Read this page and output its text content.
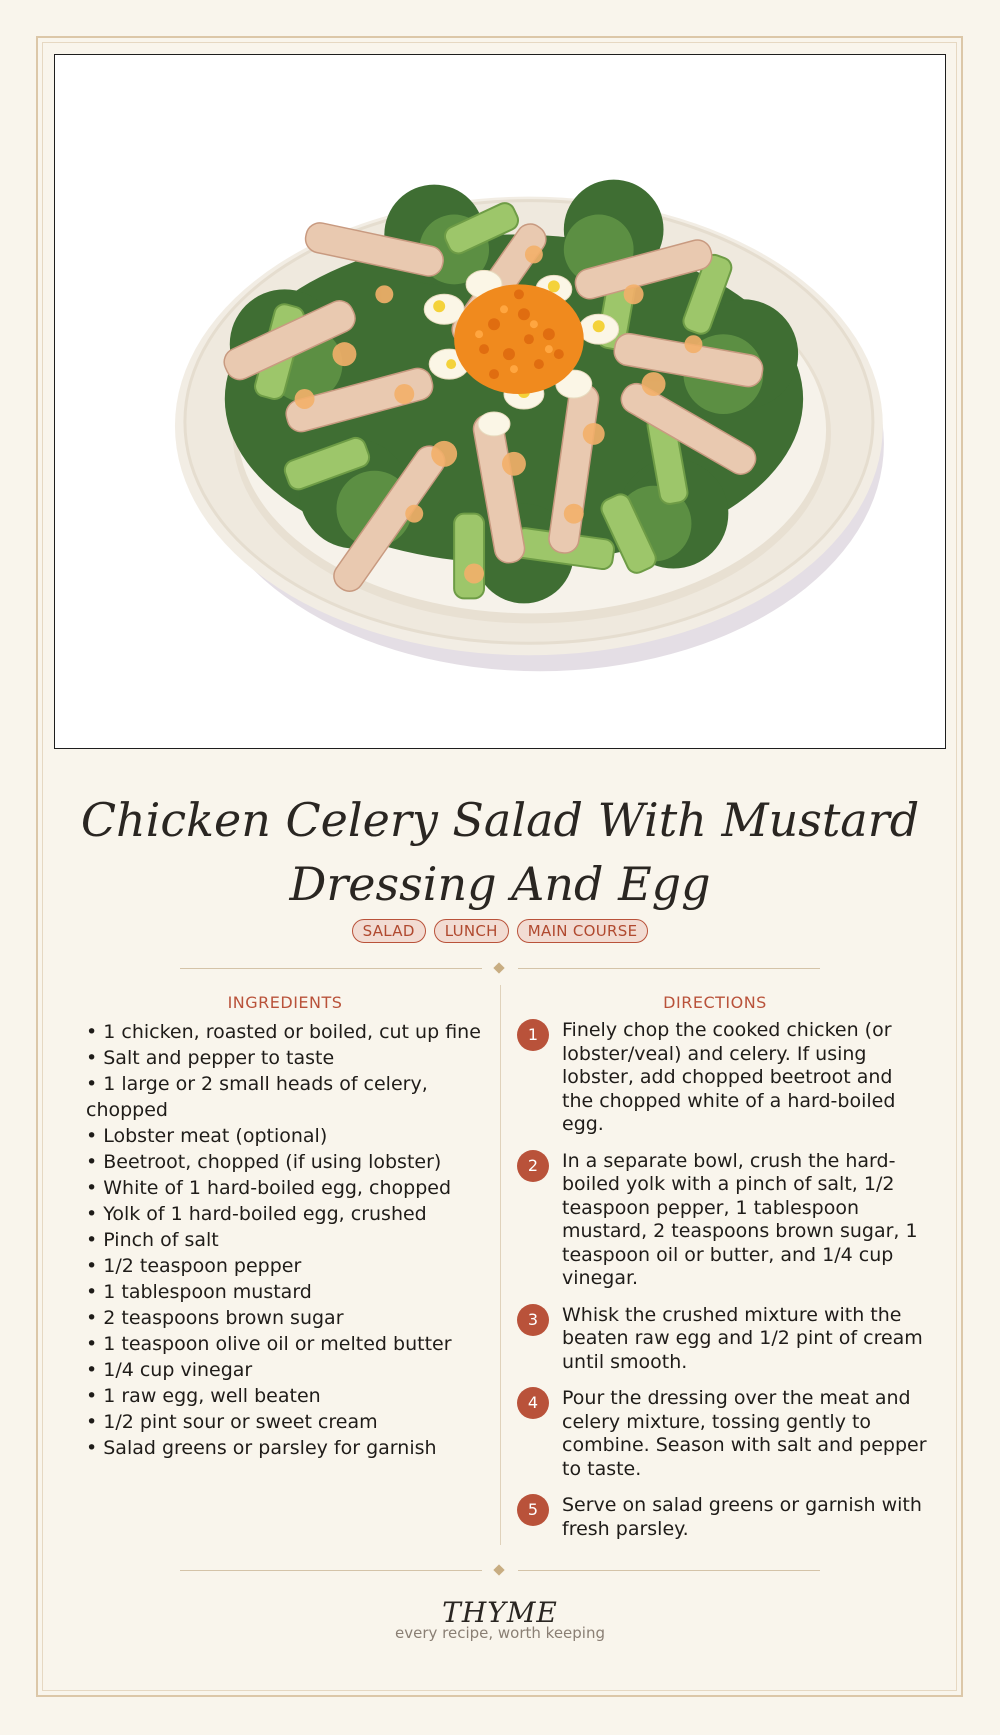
Chicken Celery Salad With Mustard Dressing And Egg
SALAD	LUNCH	MAIN COURSE
INGREDIENTS	DIRECTIONS
• 1 chicken, roasted or boiled, cut up fine
• Salt and pepper to taste
• 1 large or 2 small heads of celery, chopped
• Lobster meat (optional)
• Beetroot, chopped (if using lobster)
• White of 1 hard-boiled egg, chopped
• Yolk of 1 hard-boiled egg, crushed
• Pinch of salt
• 1/2 teaspoon pepper
• 1 tablespoon mustard
• 2 teaspoons brown sugar
• 1 teaspoon olive oil or melted butter
• 1/4 cup vinegar
• 1 raw egg, well beaten
• 1/2 pint sour or sweet cream
• Salad greens or parsley for garnish
1	Finely chop the cooked chicken (or lobster/veal) and celery. If using lobster, add chopped beetroot and the chopped white of a hard-boiled egg.
2	In a separate bowl, crush the hard-boiled yolk with a pinch of salt, 1/2 teaspoon pepper, 1 tablespoon mustard, 2 teaspoons brown sugar, 1 teaspoon oil or butter, and 1/4 cup vinegar.
3	Whisk the crushed mixture with the beaten raw egg and 1/2 pint of cream until smooth.
4	Pour the dressing over the meat and celery mixture, tossing gently to combine. Season with salt and pepper to taste.
5	Serve on salad greens or garnish with fresh parsley.
THYME
every recipe, worth keeping
